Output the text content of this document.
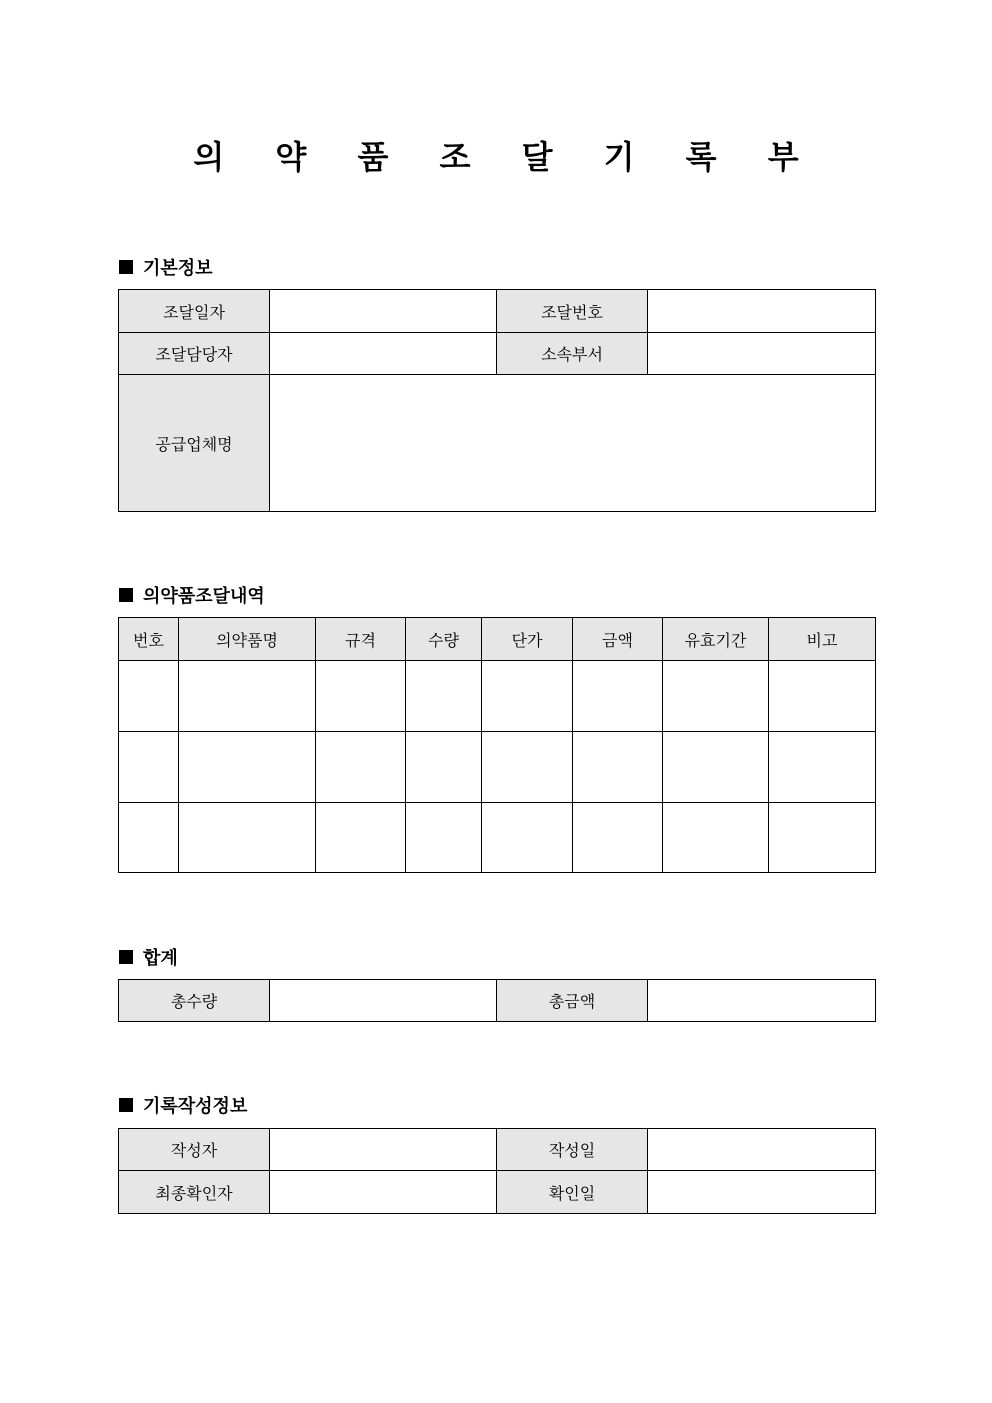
의 약 품 조 달 기 록 부
기본정보
조달일자		조달번호	
조달담당자		소속부서	
공급업체명			
의약품조달내역
번호	의약품명	규격	수량	단가	금액	유효기간	비고

합계
총수량		총금액	
기록작성정보
작성자		작성일	
최종확인자		확인일	
